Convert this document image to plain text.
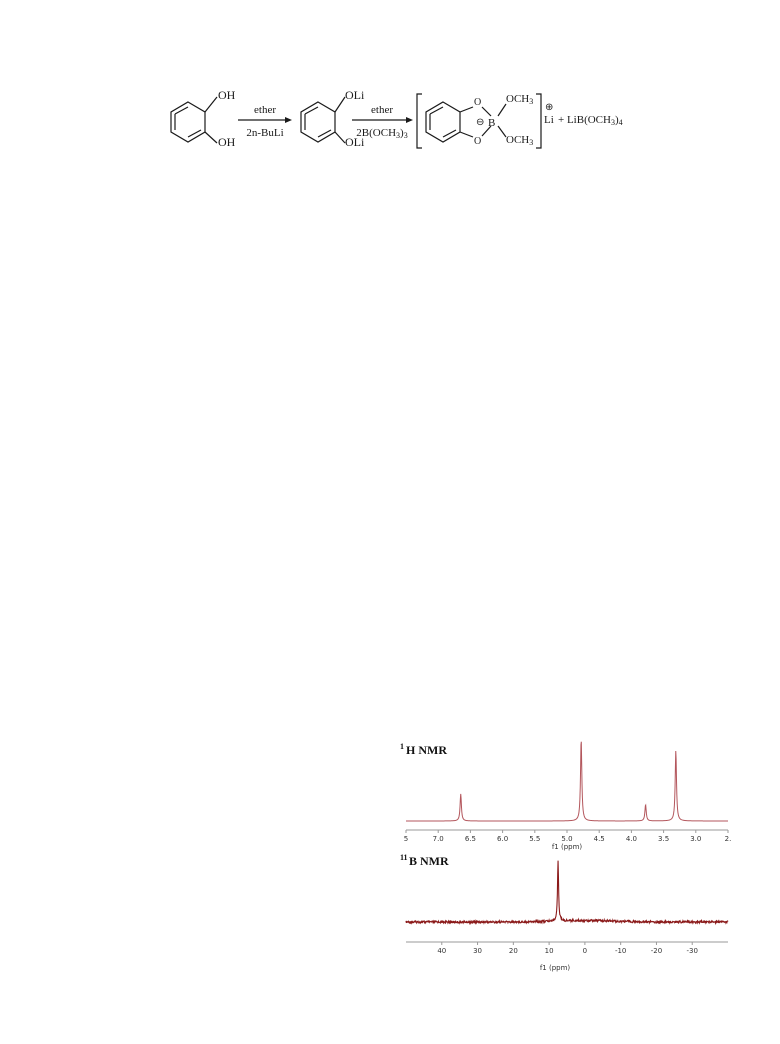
OH
OH
ether
2n-BuLi
OLi
OLi
ether
2B(OCH3)3
O
O
⊖ B
OCH3
OCH3
⊕
Li + LiB(OCH3)4
1 H NMR
5	7.0	6.5	6.0	5.5	5.0	4.5	4.0	3.5	3.0	2.
f1 (ppm)
11 B NMR
40	30	20	10	0	-10	-20	-30
f1 (ppm)
